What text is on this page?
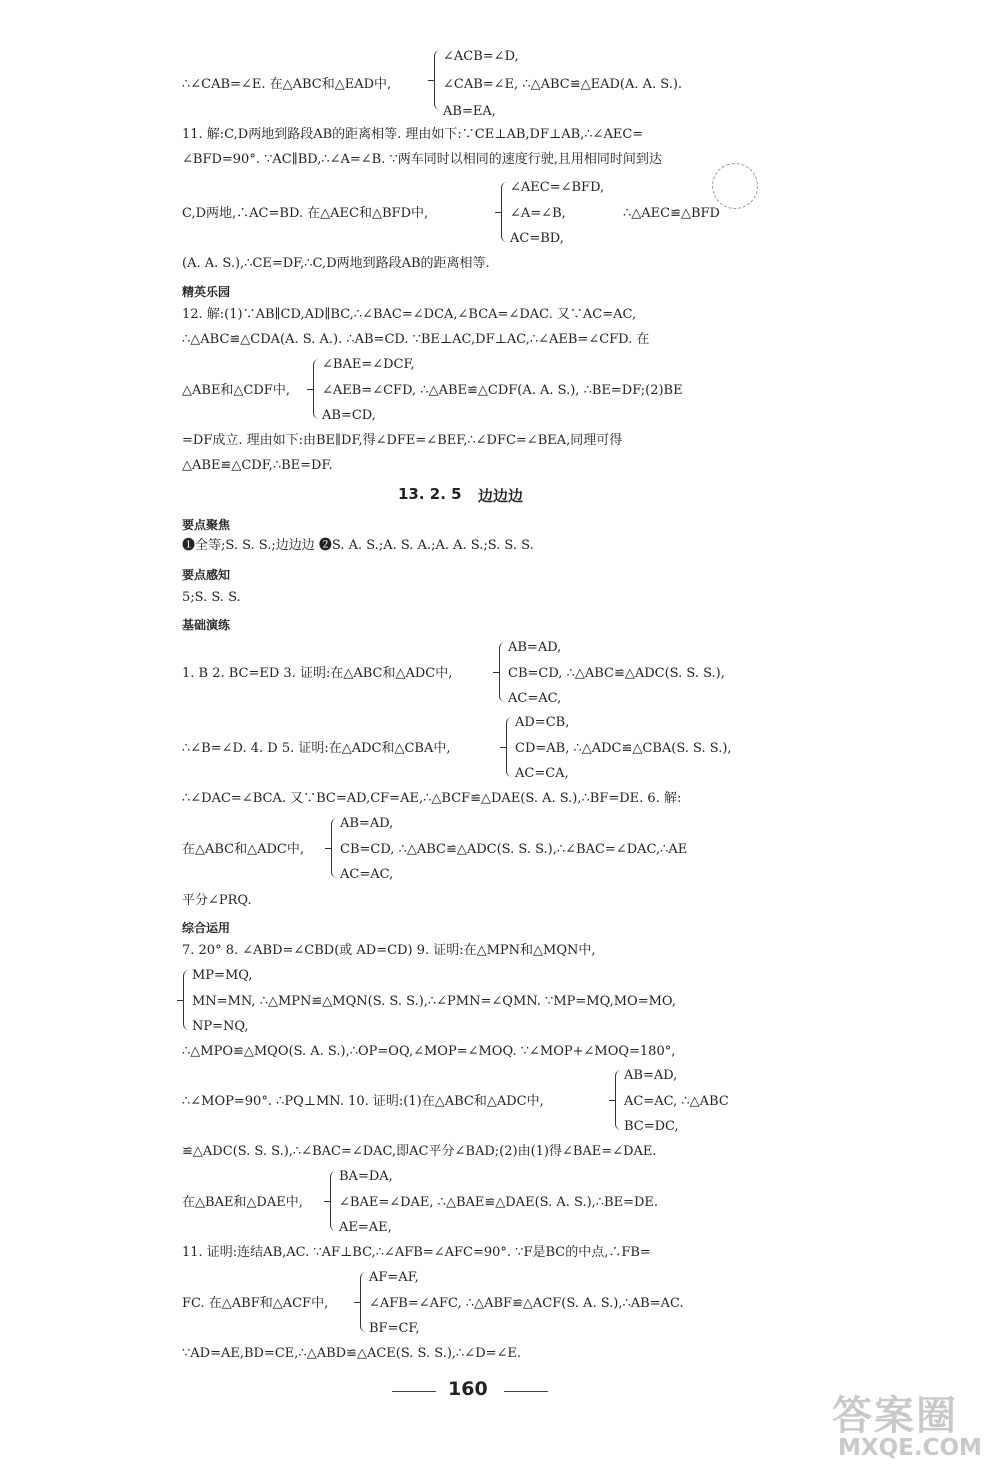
∠ACB=∠D,
∴∠CAB=∠E. 在△ABC和△EAD中,	∠CAB=∠E, ∴△ABC≌△EAD(A. A. S.).
AB=EA,
11. 解:C,D两地到路段AB的距离相等. 理由如下:∵CE⊥AB,DF⊥AB,∴∠AEC=
∠BFD=90°. ∵AC∥BD,∴∠A=∠B. ∵两车同时以相同的速度行驶,且用相同时间到达
∠AEC=∠BFD,
C,D两地,∴AC=BD. 在△AEC和△BFD中,	∠A=∠B,	∴△AEC≌△BFD
AC=BD,
(A. A. S.),∴CE=DF,∴C,D两地到路段AB的距离相等.
精英乐园
12. 解:(1)∵AB∥CD,AD∥BC,∴∠BAC=∠DCA,∠BCA=∠DAC. 又∵AC=AC,
∴△ABC≌△CDA(A. S. A.). ∴AB=CD. ∵BE⊥AC,DF⊥AC,∴∠AEB=∠CFD. 在
∠BAE=∠DCF,
△ABE和△CDF中, ∠AEB=∠CFD, ∴△ABE≌△CDF(A. A. S.), ∴BE=DF;(2)BE
AB=CD,
=DF成立. 理由如下:由BE∥DF,得∠DFE=∠BEF,∴∠DFC=∠BEA,同理可得
△ABE≌△CDF,∴BE=DF.
13. 2. 5 边边边
要点聚焦
❶全等;S. S. S.;边边边 ❷S. A. S.;A. S. A.;A. A. S.;S. S. S.
要点感知
5;S. S. S.
基础演练
AB=AD,
1. B 2. BC=ED 3. 证明:在△ABC和△ADC中,	CB=CD, ∴△ABC≌△ADC(S. S. S.),
AC=AC,
AD=CB,
∴∠B=∠D. 4. D 5. 证明:在△ADC和△CBA中,	CD=AB, ∴△ADC≌△CBA(S. S. S.),
AC=CA,
∴∠DAC=∠BCA. 又∵BC=AD,CF=AE,∴△BCF≌△DAE(S. A. S.),∴BF=DE. 6. 解:
AB=AD,
在△ABC和△ADC中,	CB=CD, ∴△ABC≌△ADC(S. S. S.),∴∠BAC=∠DAC,∴AE
AC=AC,
平分∠PRQ.
综合运用
7. 20° 8. ∠ABD=∠CBD(或 AD=CD) 9. 证明:在△MPN和△MQN中,
MP=MQ,
MN=MN, ∴△MPN≌△MQN(S. S. S.),∴∠PMN=∠QMN. ∵MP=MQ,MO=MO,
NP=NQ,
∴△MPO≌△MQO(S. A. S.),∴OP=OQ,∠MOP=∠MOQ. ∵∠MOP+∠MOQ=180°,
AB=AD,
∴∠MOP=90°. ∴PQ⊥MN. 10. 证明:(1)在△ABC和△ADC中,	AC=AC, ∴△ABC
BC=DC,
≌△ADC(S. S. S.),∴∠BAC=∠DAC,即AC平分∠BAD;(2)由(1)得∠BAE=∠DAE.
BA=DA,
在△BAE和△DAE中,	∠BAE=∠DAE, ∴△BAE≌△DAE(S. A. S.),∴BE=DE.
AE=AE,
11. 证明:连结AB,AC. ∵AF⊥BC,∴∠AFB=∠AFC=90°. ∵F是BC的中点,∴FB=
AF=AF,
FC. 在△ABF和△ACF中,	∠AFB=∠AFC, ∴△ABF≌△ACF(S. A. S.),∴AB=AC.
BF=CF,
∵AD=AE,BD=CE,∴△ABD≌△ACE(S. S. S.),∴∠D=∠E.
160
答案圈
MXQE.COM
